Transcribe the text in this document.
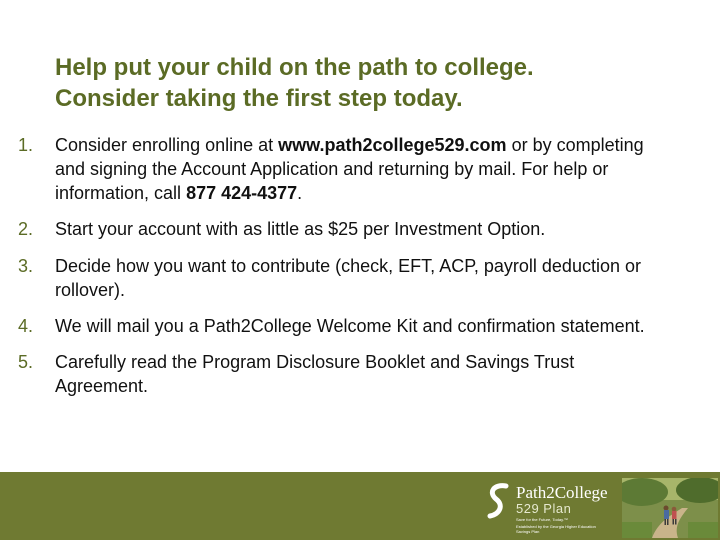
Help put your child on the path to college.
Consider taking the first step today.
1. Consider enrolling online at www.path2college529.com or by completing and signing the Account Application and returning by mail. For help or information, call 877 424-4377.
2. Start your account with as little as $25 per Investment Option.
3. Decide how you want to contribute (check, EFT, ACP, payroll deduction or rollover).
4. We will mail you a Path2College Welcome Kit and confirmation statement.
5. Carefully read the Program Disclosure Booklet and Savings Trust Agreement.
Path2College
529 Plan
Save for the Future, Today.™
Established by the Georgia Higher Education Savings Plan
